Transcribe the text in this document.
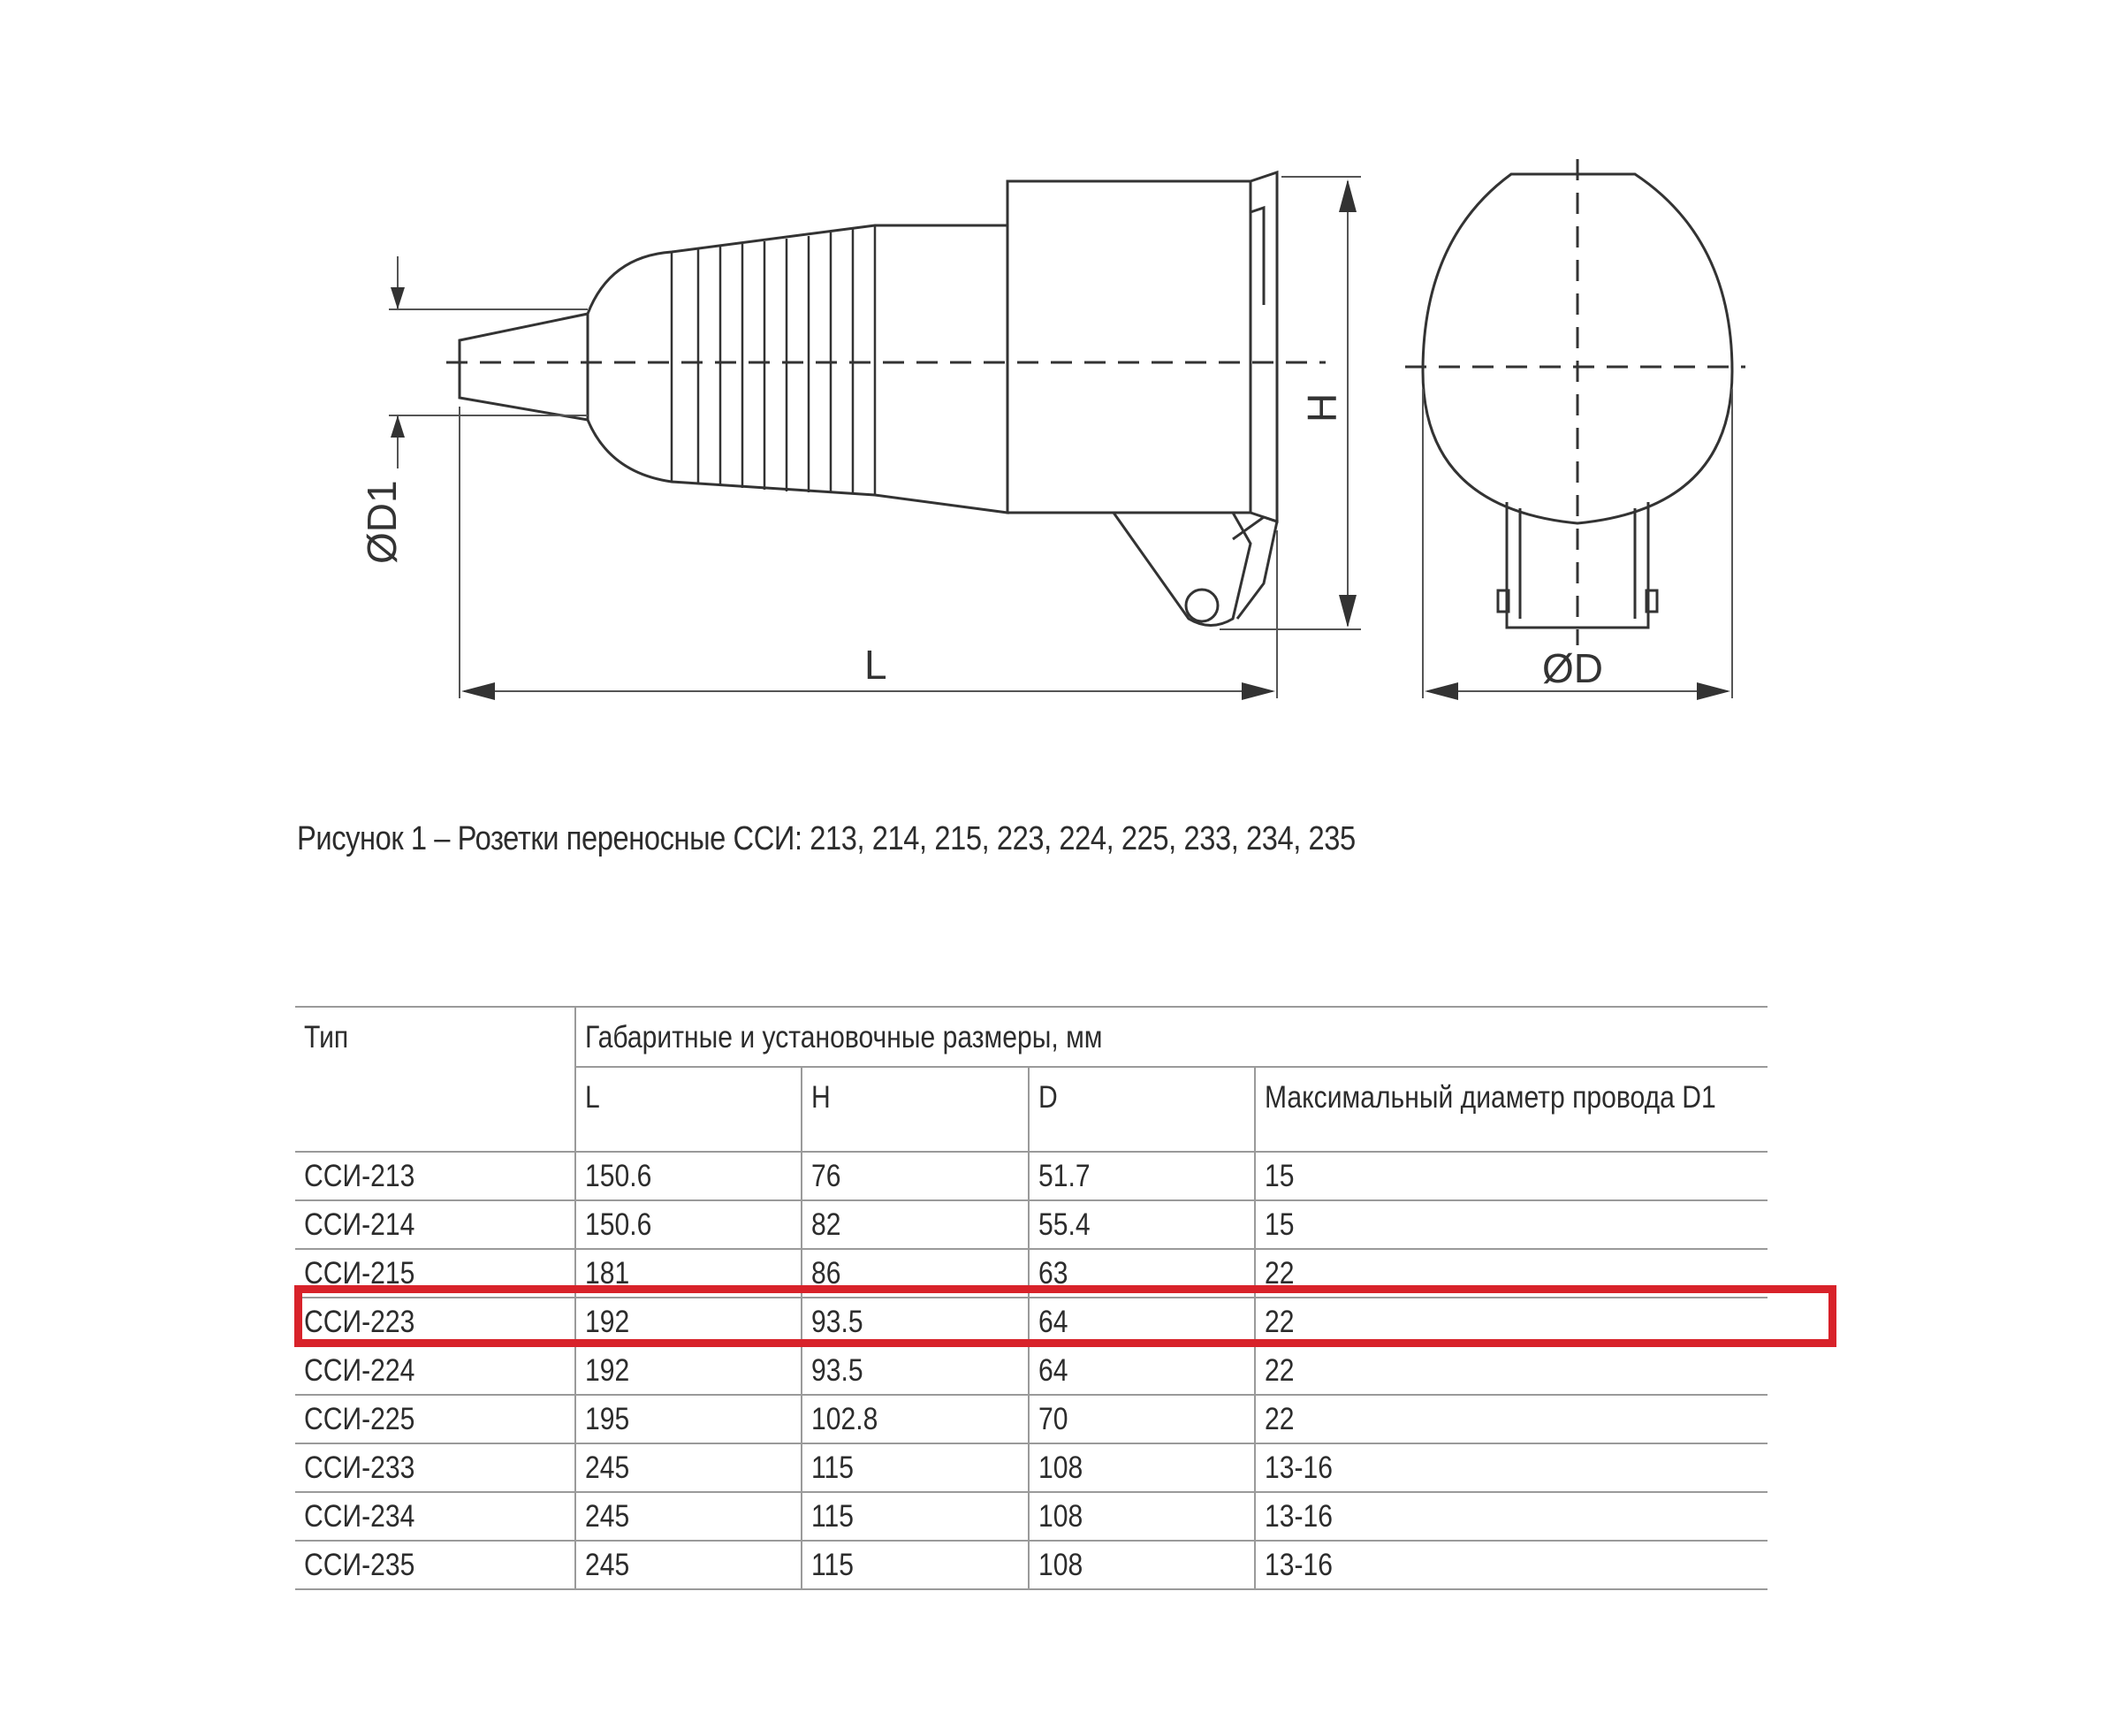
ØD1
L
H
ØD
Рисунок 1 – Розетки переносные ССИ: 213, 214, 215, 223, 224, 225, 233, 234, 235
Тип	Габаритные и установочные размеры, мм			
	L	H	D	Максимальный диаметр провода D1
ССИ-213	150.6	76	51.7	15
ССИ-214	150.6	82	55.4	15
ССИ-215	181	86	63	22
ССИ-223	192	93.5	64	22
ССИ-224	192	93.5	64	22
ССИ-225	195	102.8	70	22
ССИ-233	245	115	108	13-16
ССИ-234	245	115	108	13-16
ССИ-235	245	115	108	13-16
